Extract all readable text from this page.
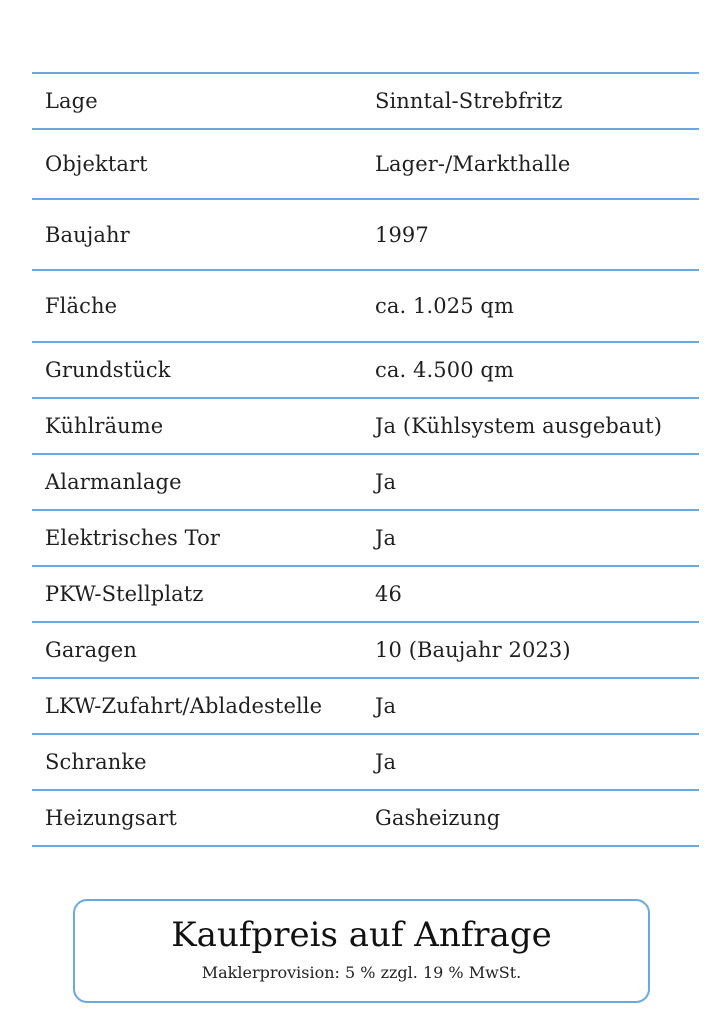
Lage	Sinntal-Strebfritz
Objektart	Lager-/Markthalle
Baujahr	1997
Fläche	ca. 1.025 qm
Grundstück	ca. 4.500 qm
Kühlräume	Ja (Kühlsystem ausgebaut)
Alarmanlage	Ja
Elektrisches Tor	Ja
PKW-Stellplatz	46
Garagen	10 (Baujahr 2023)
LKW-Zufahrt/Abladestelle	Ja
Schranke	Ja
Heizungsart	Gasheizung
Kaufpreis auf Anfrage
Maklerprovision: 5 % zzgl. 19 % MwSt.
